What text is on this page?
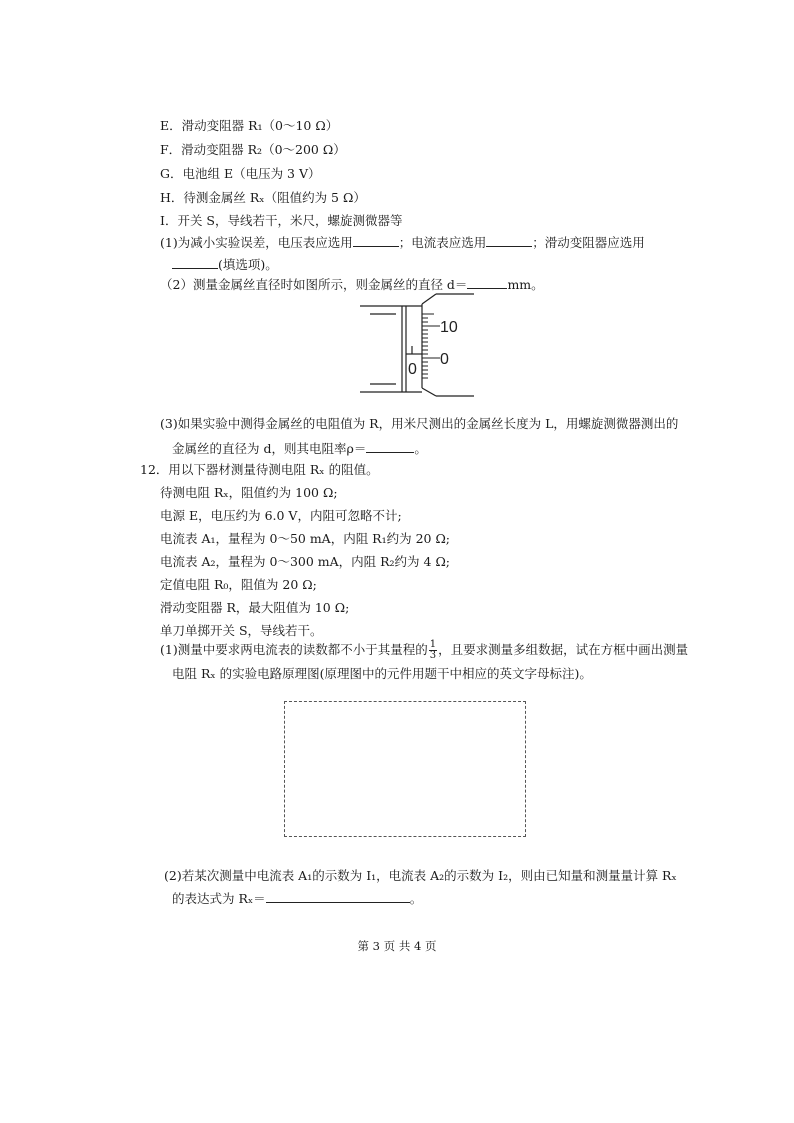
E．滑动变阻器 R₁（0～10 Ω）
F．滑动变阻器 R₂（0～200 Ω）
G．电池组 E（电压为 3 V）
H．待测金属丝 Rₓ（阻值约为 5 Ω）
I．开关 S，导线若干，米尺，螺旋测微器等
(1)为减小实验误差，电压表应选用	；电流表应选用	；滑动变阻器应选用
(填选项)。
（2）测量金属丝直径时如图所示，则金属丝的直径 d＝	mm。
10
0
0
(3)如果实验中测得金属丝的电阻值为 R，用米尺测出的金属丝长度为 L，用螺旋测微器测出的
金属丝的直径为 d，则其电阻率ρ＝	。
12．用以下器材测量待测电阻 Rₓ 的阻值。
待测电阻 Rₓ，阻值约为 100 Ω;
电源 E，电压约为 6.0 V，内阻可忽略不计;
电流表 A₁，量程为 0～50 mA，内阻 R₁约为 20 Ω;
电流表 A₂，量程为 0～300 mA，内阻 R₂约为 4 Ω;
定值电阻 R₀，阻值为 20 Ω;
滑动变阻器 R，最大阻值为 10 Ω;
单刀单掷开关 S，导线若干。
(1)测量中要求两电流表的读数都不小于其量程的 $\frac{1}{3}$ ，且要求测量多组数据，试在方框中画出测量
电阻 Rₓ 的实验电路原理图(原理图中的元件用题干中相应的英文字母标注)。
(2)若某次测量中电流表 A₁的示数为 I₁，电流表 A₂的示数为 I₂，则由已知量和测量量计算 Rₓ
的表达式为 Rₓ＝	。
第 3 页 共 4 页
